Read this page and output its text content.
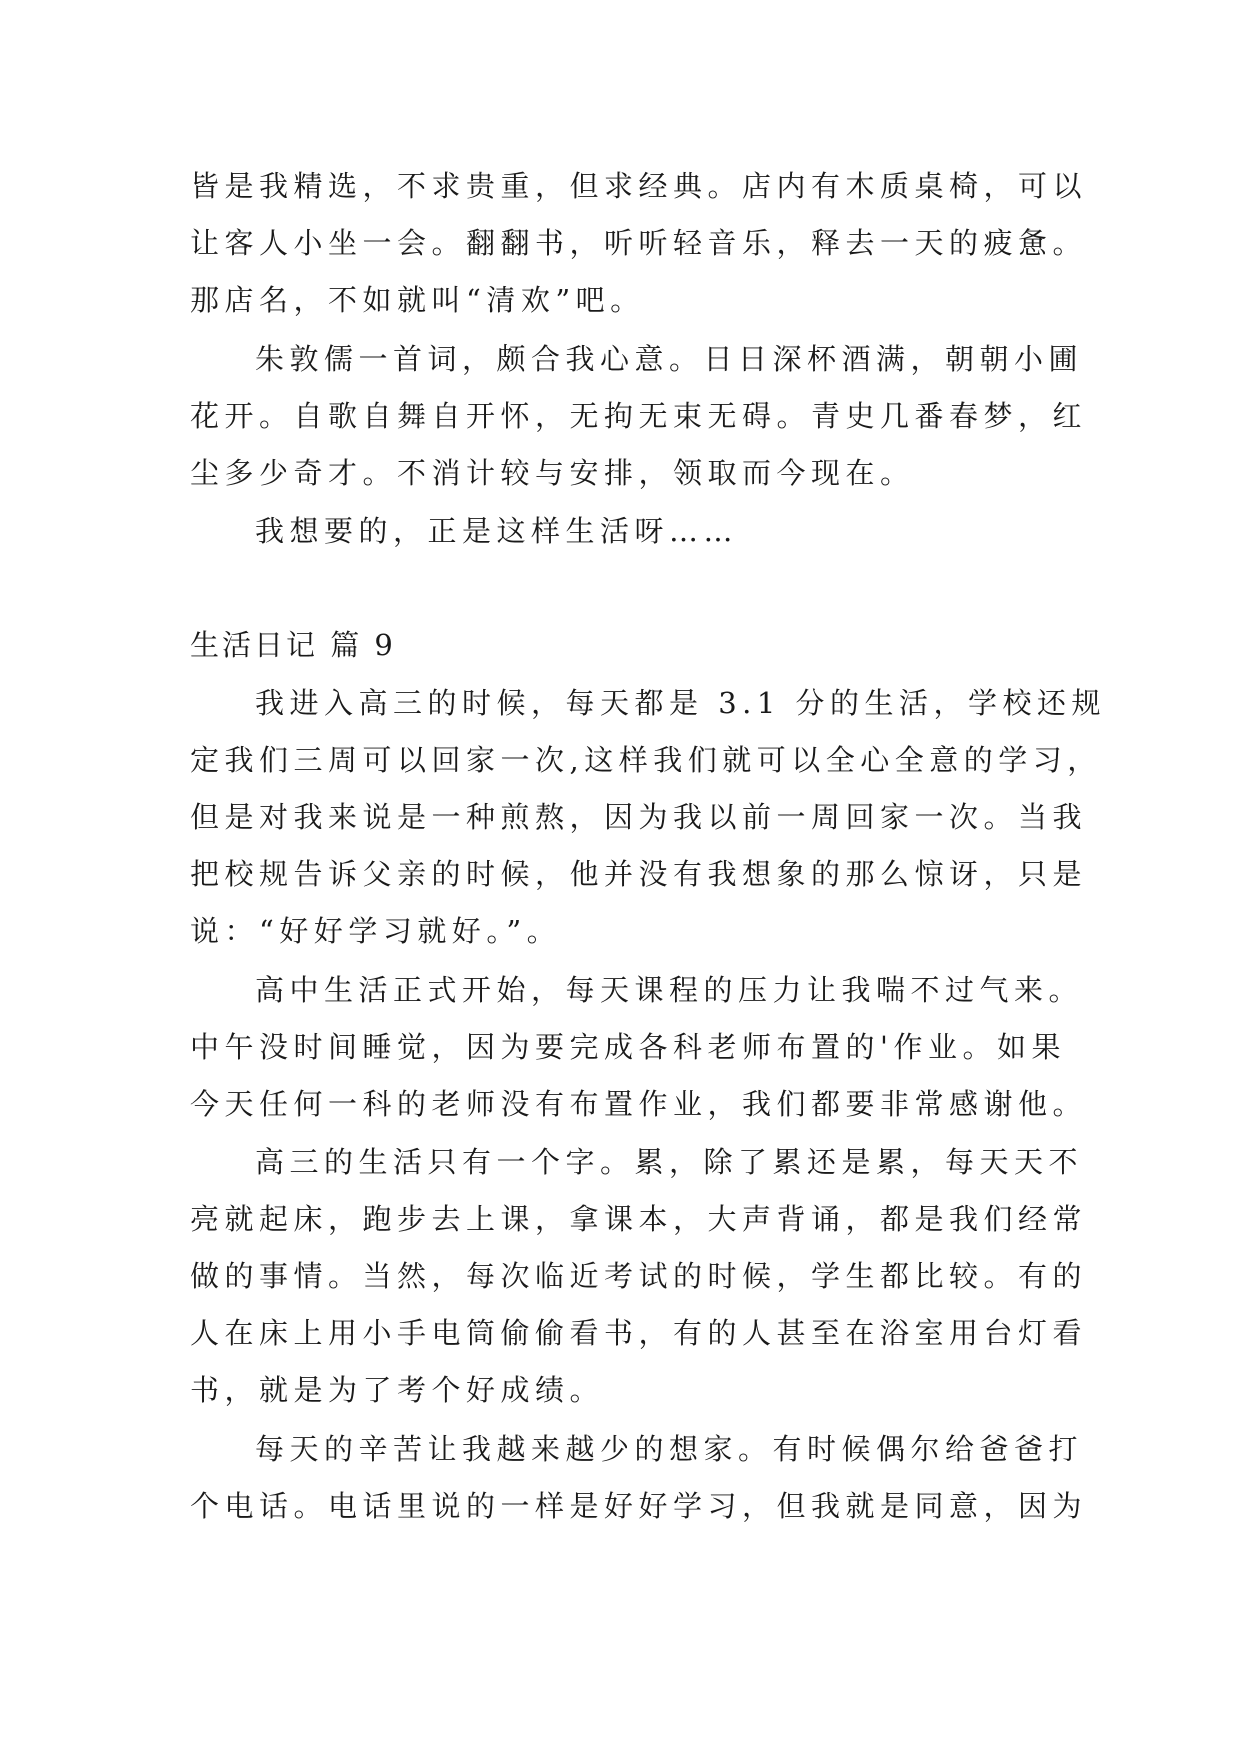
皆是我精选，不求贵重，但求经典。店内有木质桌椅，可以
让客人小坐一会。翻翻书，听听轻音乐，释去一天的疲惫。
那店名，不如就叫“清欢”吧。
朱敦儒一首词，颇合我心意。日日深杯酒满，朝朝小圃
花开。自歌自舞自开怀，无拘无束无碍。青史几番春梦，红
尘多少奇才。不消计较与安排，领取而今现在。
我想要的，正是这样生活呀……
生活日记 篇 9
我进入高三的时候，每天都是 3.1 分的生活，学校还规
定我们三周可以回家一次,这样我们就可以全心全意的学习，
但是对我来说是一种煎熬，因为我以前一周回家一次。当我
把校规告诉父亲的时候，他并没有我想象的那么惊讶，只是
说：“好好学习就好。”。
高中生活正式开始，每天课程的压力让我喘不过气来。
中午没时间睡觉，因为要完成各科老师布置的'作业。如果
今天任何一科的老师没有布置作业，我们都要非常感谢他。
高三的生活只有一个字。累，除了累还是累，每天天不
亮就起床，跑步去上课，拿课本，大声背诵，都是我们经常
做的事情。当然，每次临近考试的时候，学生都比较。有的
人在床上用小手电筒偷偷看书，有的人甚至在浴室用台灯看
书，就是为了考个好成绩。
每天的辛苦让我越来越少的想家。有时候偶尔给爸爸打
个电话。电话里说的一样是好好学习，但我就是同意，因为
